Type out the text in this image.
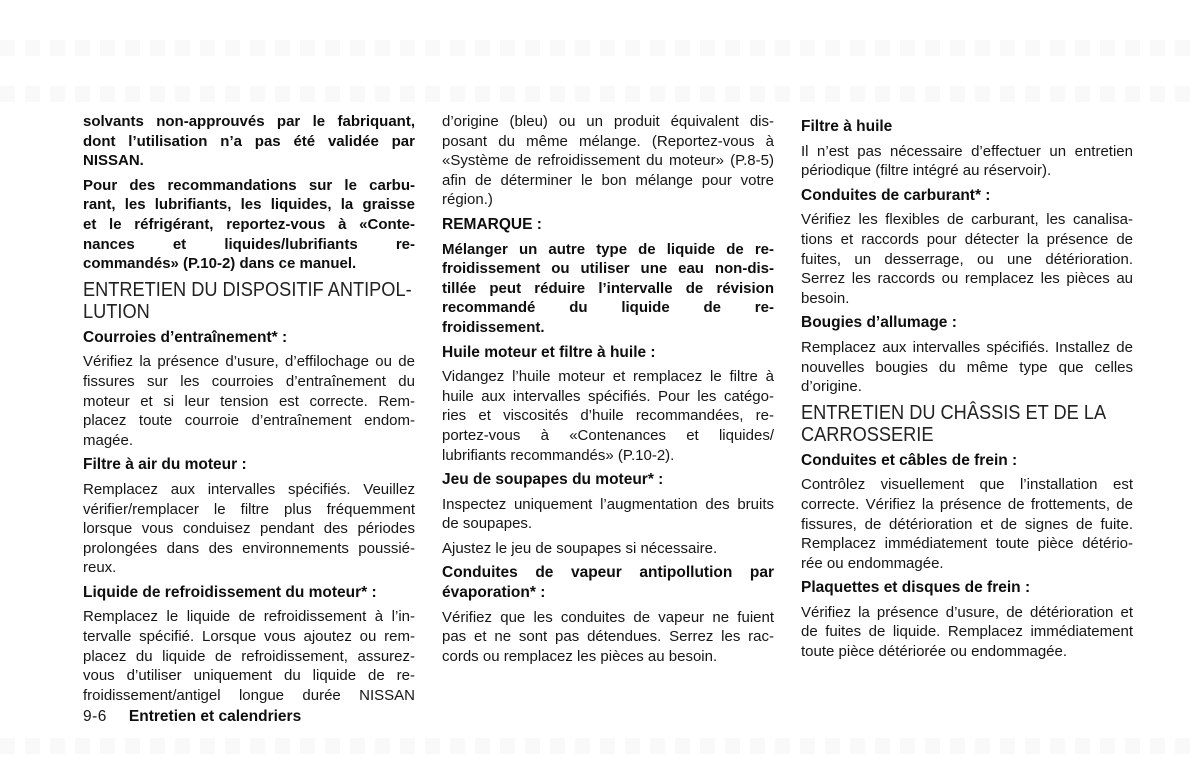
solvants non-approuvés par le fabriquant,
dont l’utilisation n’a pas été validée par
NISSAN.
Pour des recommandations sur le carbu-
rant, les lubrifiants, les liquides, la graisse
et le réfrigérant, reportez-vous à «Conte-
nances et liquides/lubrifiants re-
commandés» (P.10-2) dans ce manuel.
ENTRETIEN DU DISPOSITIF ANTIPOL-
LUTION
Courroies d’entraînement* :
Vérifiez la présence d’usure, d’effilochage ou de
fissures sur les courroies d’entraînement du
moteur et si leur tension est correcte. Rem-
placez toute courroie d’entraînement endom-
magée.
Filtre à air du moteur :
Remplacez aux intervalles spécifiés. Veuillez
vérifier/remplacer le filtre plus fréquemment
lorsque vous conduisez pendant des périodes
prolongées dans des environnements poussié-
reux.
Liquide de refroidissement du moteur* :
Remplacez le liquide de refroidissement à l’in-
tervalle spécifié. Lorsque vous ajoutez ou rem-
placez du liquide de refroidissement, assurez-
vous d’utiliser uniquement du liquide de re-
froidissement/antigel longue durée NISSAN
d’origine (bleu) ou un produit équivalent dis-
posant du même mélange. (Reportez-vous à
«Système de refroidissement du moteur» (P.8-5)
afin de déterminer le bon mélange pour votre
région.)
REMARQUE :
Mélanger un autre type de liquide de re-
froidissement ou utiliser une eau non-dis-
tillée peut réduire l’intervalle de révision
recommandé du liquide de re-
froidissement.
Huile moteur et filtre à huile :
Vidangez l’huile moteur et remplacez le filtre à
huile aux intervalles spécifiés. Pour les catégo-
ries et viscosités d’huile recommandées, re-
portez-vous à «Contenances et liquides/
lubrifiants recommandés» (P.10-2).
Jeu de soupapes du moteur* :
Inspectez uniquement l’augmentation des bruits
de soupapes.
Ajustez le jeu de soupapes si nécessaire.
Conduites de vapeur antipollution par
évaporation* :
Vérifiez que les conduites de vapeur ne fuient
pas et ne sont pas détendues. Serrez les rac-
cords ou remplacez les pièces au besoin.
Filtre à huile
Il n’est pas nécessaire d’effectuer un entretien
périodique (filtre intégré au réservoir).
Conduites de carburant* :
Vérifiez les flexibles de carburant, les canalisa-
tions et raccords pour détecter la présence de
fuites, un desserrage, ou une détérioration.
Serrez les raccords ou remplacez les pièces au
besoin.
Bougies d’allumage :
Remplacez aux intervalles spécifiés. Installez de
nouvelles bougies du même type que celles
d’origine.
ENTRETIEN DU CHÂSSIS ET DE LA
CARROSSERIE
Conduites et câbles de frein :
Contrôlez visuellement que l’installation est
correcte. Vérifiez la présence de frottements, de
fissures, de détérioration et de signes de fuite.
Remplacez immédiatement toute pièce détério-
rée ou endommagée.
Plaquettes et disques de frein :
Vérifiez la présence d’usure, de détérioration et
de fuites de liquide. Remplacez immédiatement
toute pièce détériorée ou endommagée.
9-6 Entretien et calendriers
